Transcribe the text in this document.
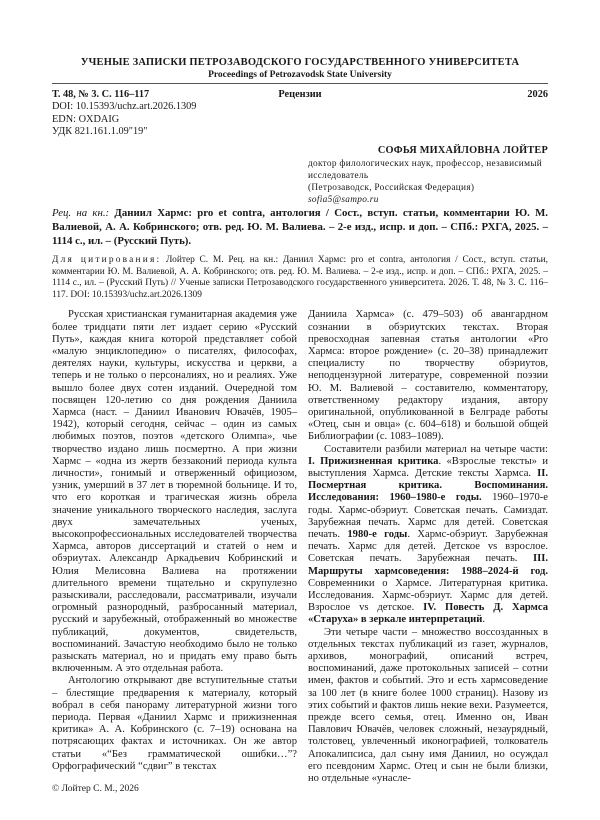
УЧЕНЫЕ ЗАПИСКИ ПЕТРОЗАВОДСКОГО ГОСУДАРСТВЕННОГО УНИВЕРСИТЕТА
Proceedings of Petrozavodsk State University
Т. 48, № 3. С. 116–117
DOI: 10.15393/uchz.art.2026.1309
EDN: OXDAIG
УДК 821.161.1.09"19"
Рецензии	2026
СОФЬЯ МИХАЙЛОВНА ЛОЙТЕР
доктор филологических наук, профессор, независимый исследователь
(Петрозаводск, Российская Федерация)
sofia5@sampo.ru
Рец. на кн.: Даниил Хармс: pro et contra, антология / Сост., вступ. статьи, комментарии Ю. М. Валиевой, А. А. Кобринского; отв. ред. Ю. М. Валиева. – 2-е изд., испр. и доп. – СПб.: РХГА, 2025. – 1114 с., ил. – (Русский Путь).
Для цитирования: Лойтер С. М. Рец. на кн.: Даниил Хармс: pro et contra, антология / Сост., вступ. статьи, комментарии Ю. М. Валиевой, А. А. Кобринского; отв. ред. Ю. М. Валиева. – 2-е изд., испр. и доп. – СПб.: РХГА, 2025. – 1114 с., ил. – (Русский Путь) // Ученые записки Петрозаводского государственного университета. 2026. Т. 48, № 3. С. 116–117. DOI: 10.15393/uchz.art.2026.1309

Русская христианская гуманитарная академия уже более тридцати пяти лет издает серию «Русский Путь», каждая книга которой представляет собой «малую энциклопедию» о писателях, философах, деятелях науки, культуры, искусства и церкви, а теперь и не только о персоналиях, но и реалиях. Уже вышло более двух сотен изданий. Очередной том посвящен 120-летию со дня рождения Даниила Хармса (наст. – Даниил Иванович Ювачёв, 1905–1942), который сегодня, сейчас – один из самых любимых поэтов, поэтов «детского Олимпа», чье творчество издано лишь посмертно. А при жизни Хармс – «одна из жертв беззаконий периода культа личности», гонимый и отверженный официозом, узник, умерший в 37 лет в тюремной больнице. И то, что его короткая и трагическая жизнь обрела значение уникального творческого наследия, заслуга двух замечательных ученых, высокопрофессиональных исследователей творчества Хармса, авторов диссертаций и статей о нем и обэриутах. Александр Аркадьевич Кобринский и Юлия Мелисовна Валиева на протяжении длительного времени тщательно и скрупулезно разыскивали, расследовали, рассматривали, изучали огромный разнородный, разбросанный материал, русский и зарубежный, отображенный во множестве публикаций, документов, свидетельств, воспоминаний. Зачастую необходимо было не только разыскать материал, но и придать ему право быть включенным. А это отдельная работа.

Антологию открывают две вступительные статьи – блестящие предварения к материалу, который вобрал в себя панораму литературной жизни того периода. Первая «Даниил Хармс и прижизненная критика» А. А. Кобринского (с. 7–19) основана на потрясающих фактах и источниках. Он же автор статьи «“Без грамматической ошибки…”? Орфографический “сдвиг” в текстах

© Лойтер С. М., 2026

Даниила Хармса» (с. 479–503) об авангардном сознании в обэриутских текстах. Вторая превосходная запевная статья антологии «Pro Хармса: второе рождение» (с. 20–38) принадлежит специалисту по творчеству обэриутов, неподцензурной литературе, современной поэзии Ю. М. Валиевой – составителю, комментатору, ответственному редактору издания, автору оригинальной, опубликованной в Белграде работы «Отец, сын и овца» (с. 604–618) и большой общей Библиографии (с. 1083–1089).

Составители разбили материал на четыре части: I. Прижизненная критика. «Взрослые тексты» и выступления Хармса. Детские тексты Хармса. II. Посмертная критика. Воспоминания. Исследования: 1960–1980-е годы. 1960–1970-е годы. Хармс-обэриут. Советская печать. Самиздат. Зарубежная печать. Хармс для детей. Советская печать. 1980-е годы. Хармс-обэриут. Зарубежная печать. Хармс для детей. Детское vs взрослое. Советская печать. Зарубежная печать. III. Маршруты хармсоведения: 1988–2024-й год. Современники о Хармсе. Литературная критика. Исследования. Хармс-обэриут. Хармс для детей. Взрослое vs детское. IV. Повесть Д. Хармса «Старуха» в зеркале интерпретаций.

Эти четыре части – множество воссозданных в отдельных текстах публикаций из газет, журналов, архивов, монографий, описаний встреч, воспоминаний, даже протокольных записей – сотни имен, фактов и событий. Это и есть хармсоведение за 100 лет (в книге более 1000 страниц). Назову из этих событий и фактов лишь некие вехи. Разумеется, прежде всего семья, отец. Именно он, Иван Павлович Ювачёв, человек сложный, незаурядный, толстовец, увлеченный иконографией, толкователь Апокалипсиса, дал сыну имя Даниил, но осуждал его псевдоним Хармс. Отец и сын не были близки, но отдельные «унасле-
